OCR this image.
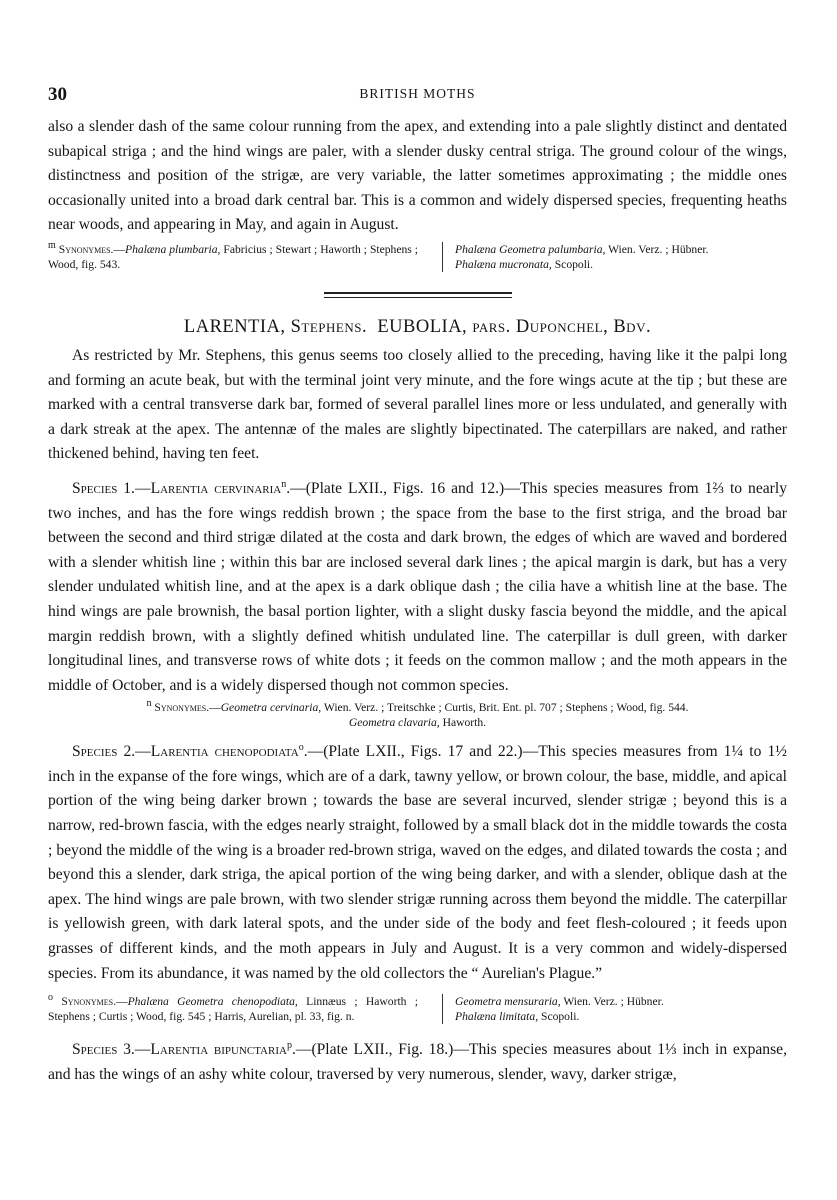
30	BRITISH MOTHS

also a slender dash of the same colour running from the apex, and extending into a pale slightly distinct and dentated subapical striga ; and the hind wings are paler, with a slender dusky central striga. The ground colour of the wings, distinctness and position of the strigæ, are very variable, the latter sometimes approximating ; the middle ones occasionally united into a broad dark central bar. This is a common and widely dispersed species, frequenting heaths near woods, and appearing in May, and again in August.

m Synonymes.—Phalæna plumbaria, Fabricius ; Stewart ; Haworth ; Stephens ; Wood, fig. 543.
Phalæna Geometra palumbaria, Wien. Verz. ; Hübner.
Phalæna mucronata, Scopoli.
LARENTIA, Stephens. EUBOLIA, pars. Duponchel, Bdv.

As restricted by Mr. Stephens, this genus seems too closely allied to the preceding, having like it the palpi long and forming an acute beak, but with the terminal joint very minute, and the fore wings acute at the tip ; but these are marked with a central transverse dark bar, formed of several parallel lines more or less undulated, and generally with a dark streak at the apex. The antennæ of the males are slightly bipectinated. The caterpillars are naked, and rather thickened behind, having ten feet.

Species 1.—Larentia cervinaria$^n$.—(Plate LXII., Figs. 16 and 12.)—This species measures from 1⅔ to nearly two inches, and has the fore wings reddish brown ; the space from the base to the first striga, and the broad bar between the second and third strigæ dilated at the costa and dark brown, the edges of which are waved and bordered with a slender whitish line ; within this bar are inclosed several dark lines ; the apical margin is dark, but has a very slender undulated whitish line, and at the apex is a dark oblique dash ; the cilia have a whitish line at the base. The hind wings are pale brownish, the basal portion lighter, with a slight dusky fascia beyond the middle, and the apical margin reddish brown, with a slightly defined whitish undulated line. The caterpillar is dull green, with darker longitudinal lines, and transverse rows of white dots ; it feeds on the common mallow ; and the moth appears in the middle of October, and is a widely dispersed though not common species.

n Synonymes.—Geometra cervinaria, Wien. Verz. ; Treitschke ; Curtis, Brit. Ent. pl. 707 ; Stephens ; Wood, fig. 544.
Geometra clavaria, Haworth.

Species 2.—Larentia chenopodiata$^o$.—(Plate LXII., Figs. 17 and 22.)—This species measures from 1¼ to 1½ inch in the expanse of the fore wings, which are of a dark, tawny yellow, or brown colour, the base, middle, and apical portion of the wing being darker brown ; towards the base are several incurved, slender strigæ ; beyond this is a narrow, red-brown fascia, with the edges nearly straight, followed by a small black dot in the middle towards the costa ; beyond the middle of the wing is a broader red-brown striga, waved on the edges, and dilated towards the costa ; and beyond this a slender, dark striga, the apical portion of the wing being darker, and with a slender, oblique dash at the apex. The hind wings are pale brown, with two slender strigæ running across them beyond the middle. The caterpillar is yellowish green, with dark lateral spots, and the under side of the body and feet flesh-coloured ; it feeds upon grasses of different kinds, and the moth appears in July and August. It is a very common and widely-dispersed species. From its abundance, it was named by the old collectors the “ Aurelian's Plague.”

o Synonymes.—Phalæna Geometra chenopodiata, Linnæus ; Haworth ; Stephens ; Curtis ; Wood, fig. 545 ; Harris, Aurelian, pl. 33, fig. n.
Geometra mensuraria, Wien. Verz. ; Hübner.
Phalæna limitata, Scopoli.

Species 3.—Larentia bipunctaria$^p$.—(Plate LXII., Fig. 18.)—This species measures about 1⅓ inch in expanse, and has the wings of an ashy white colour, traversed by very numerous, slender, wavy, darker strigæ,
